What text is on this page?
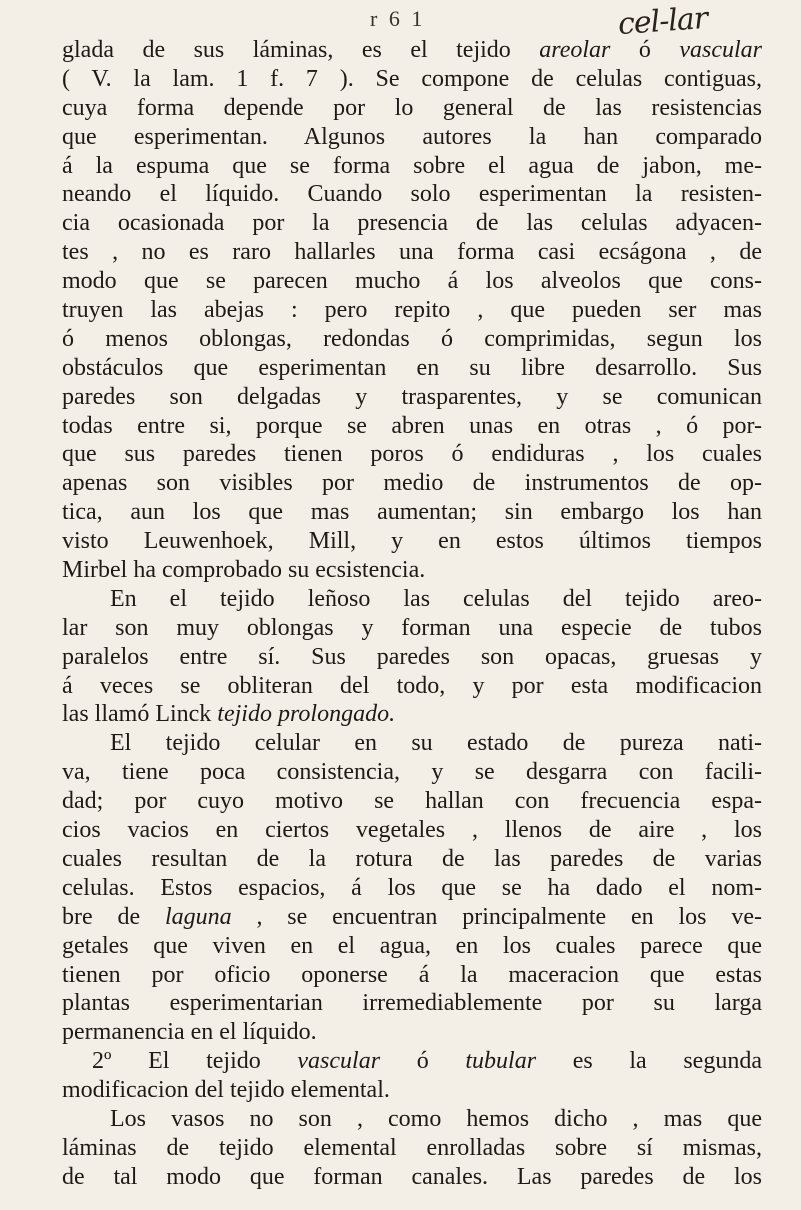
r 6 1	cel-lar
glada de sus láminas, es el tejido areolar ó vascular
( V. la lam. 1 f. 7 ). Se compone de celulas contiguas,
cuya forma depende por lo general de las resistencias
que esperimentan. Algunos autores la han comparado
á la espuma que se forma sobre el agua de jabon, me-
neando el líquido. Cuando solo esperimentan la resisten-
cia ocasionada por la presencia de las celulas adyacen-
tes , no es raro hallarles una forma casi ecságona , de
modo que se parecen mucho á los alveolos que cons-
truyen las abejas : pero repito , que pueden ser mas
ó menos oblongas, redondas ó comprimidas, segun los
obstáculos que esperimentan en su libre desarrollo. Sus
paredes son delgadas y trasparentes, y se comunican
todas entre si, porque se abren unas en otras , ó por-
que sus paredes tienen poros ó endiduras , los cuales
apenas son visibles por medio de instrumentos de op-
tica, aun los que mas aumentan; sin embargo los han
visto Leuwenhoek, Mill, y en estos últimos tiempos
Mirbel ha comprobado su ecsistencia.
En el tejido leñoso las celulas del tejido areo-
lar son muy oblongas y forman una especie de tubos
paralelos entre sí. Sus paredes son opacas, gruesas y
á veces se obliteran del todo, y por esta modificacion
las llamó Linck tejido prolongado.
El tejido celular en su estado de pureza nati-
va, tiene poca consistencia, y se desgarra con facili-
dad; por cuyo motivo se hallan con frecuencia espa-
cios vacios en ciertos vegetales , llenos de aire , los
cuales resultan de la rotura de las paredes de varias
celulas. Estos espacios, á los que se ha dado el nom-
bre de laguna , se encuentran principalmente en los ve-
getales que viven en el agua, en los cuales parece que
tienen por oficio oponerse á la maceracion que estas
plantas esperimentarian irremediablemente por su larga
permanencia en el líquido.
2º El tejido vascular ó tubular es la segunda
modificacion del tejido elemental.
Los vasos no son , como hemos dicho , mas que
láminas de tejido elemental enrolladas sobre sí mismas,
de tal modo que forman canales. Las paredes de los
